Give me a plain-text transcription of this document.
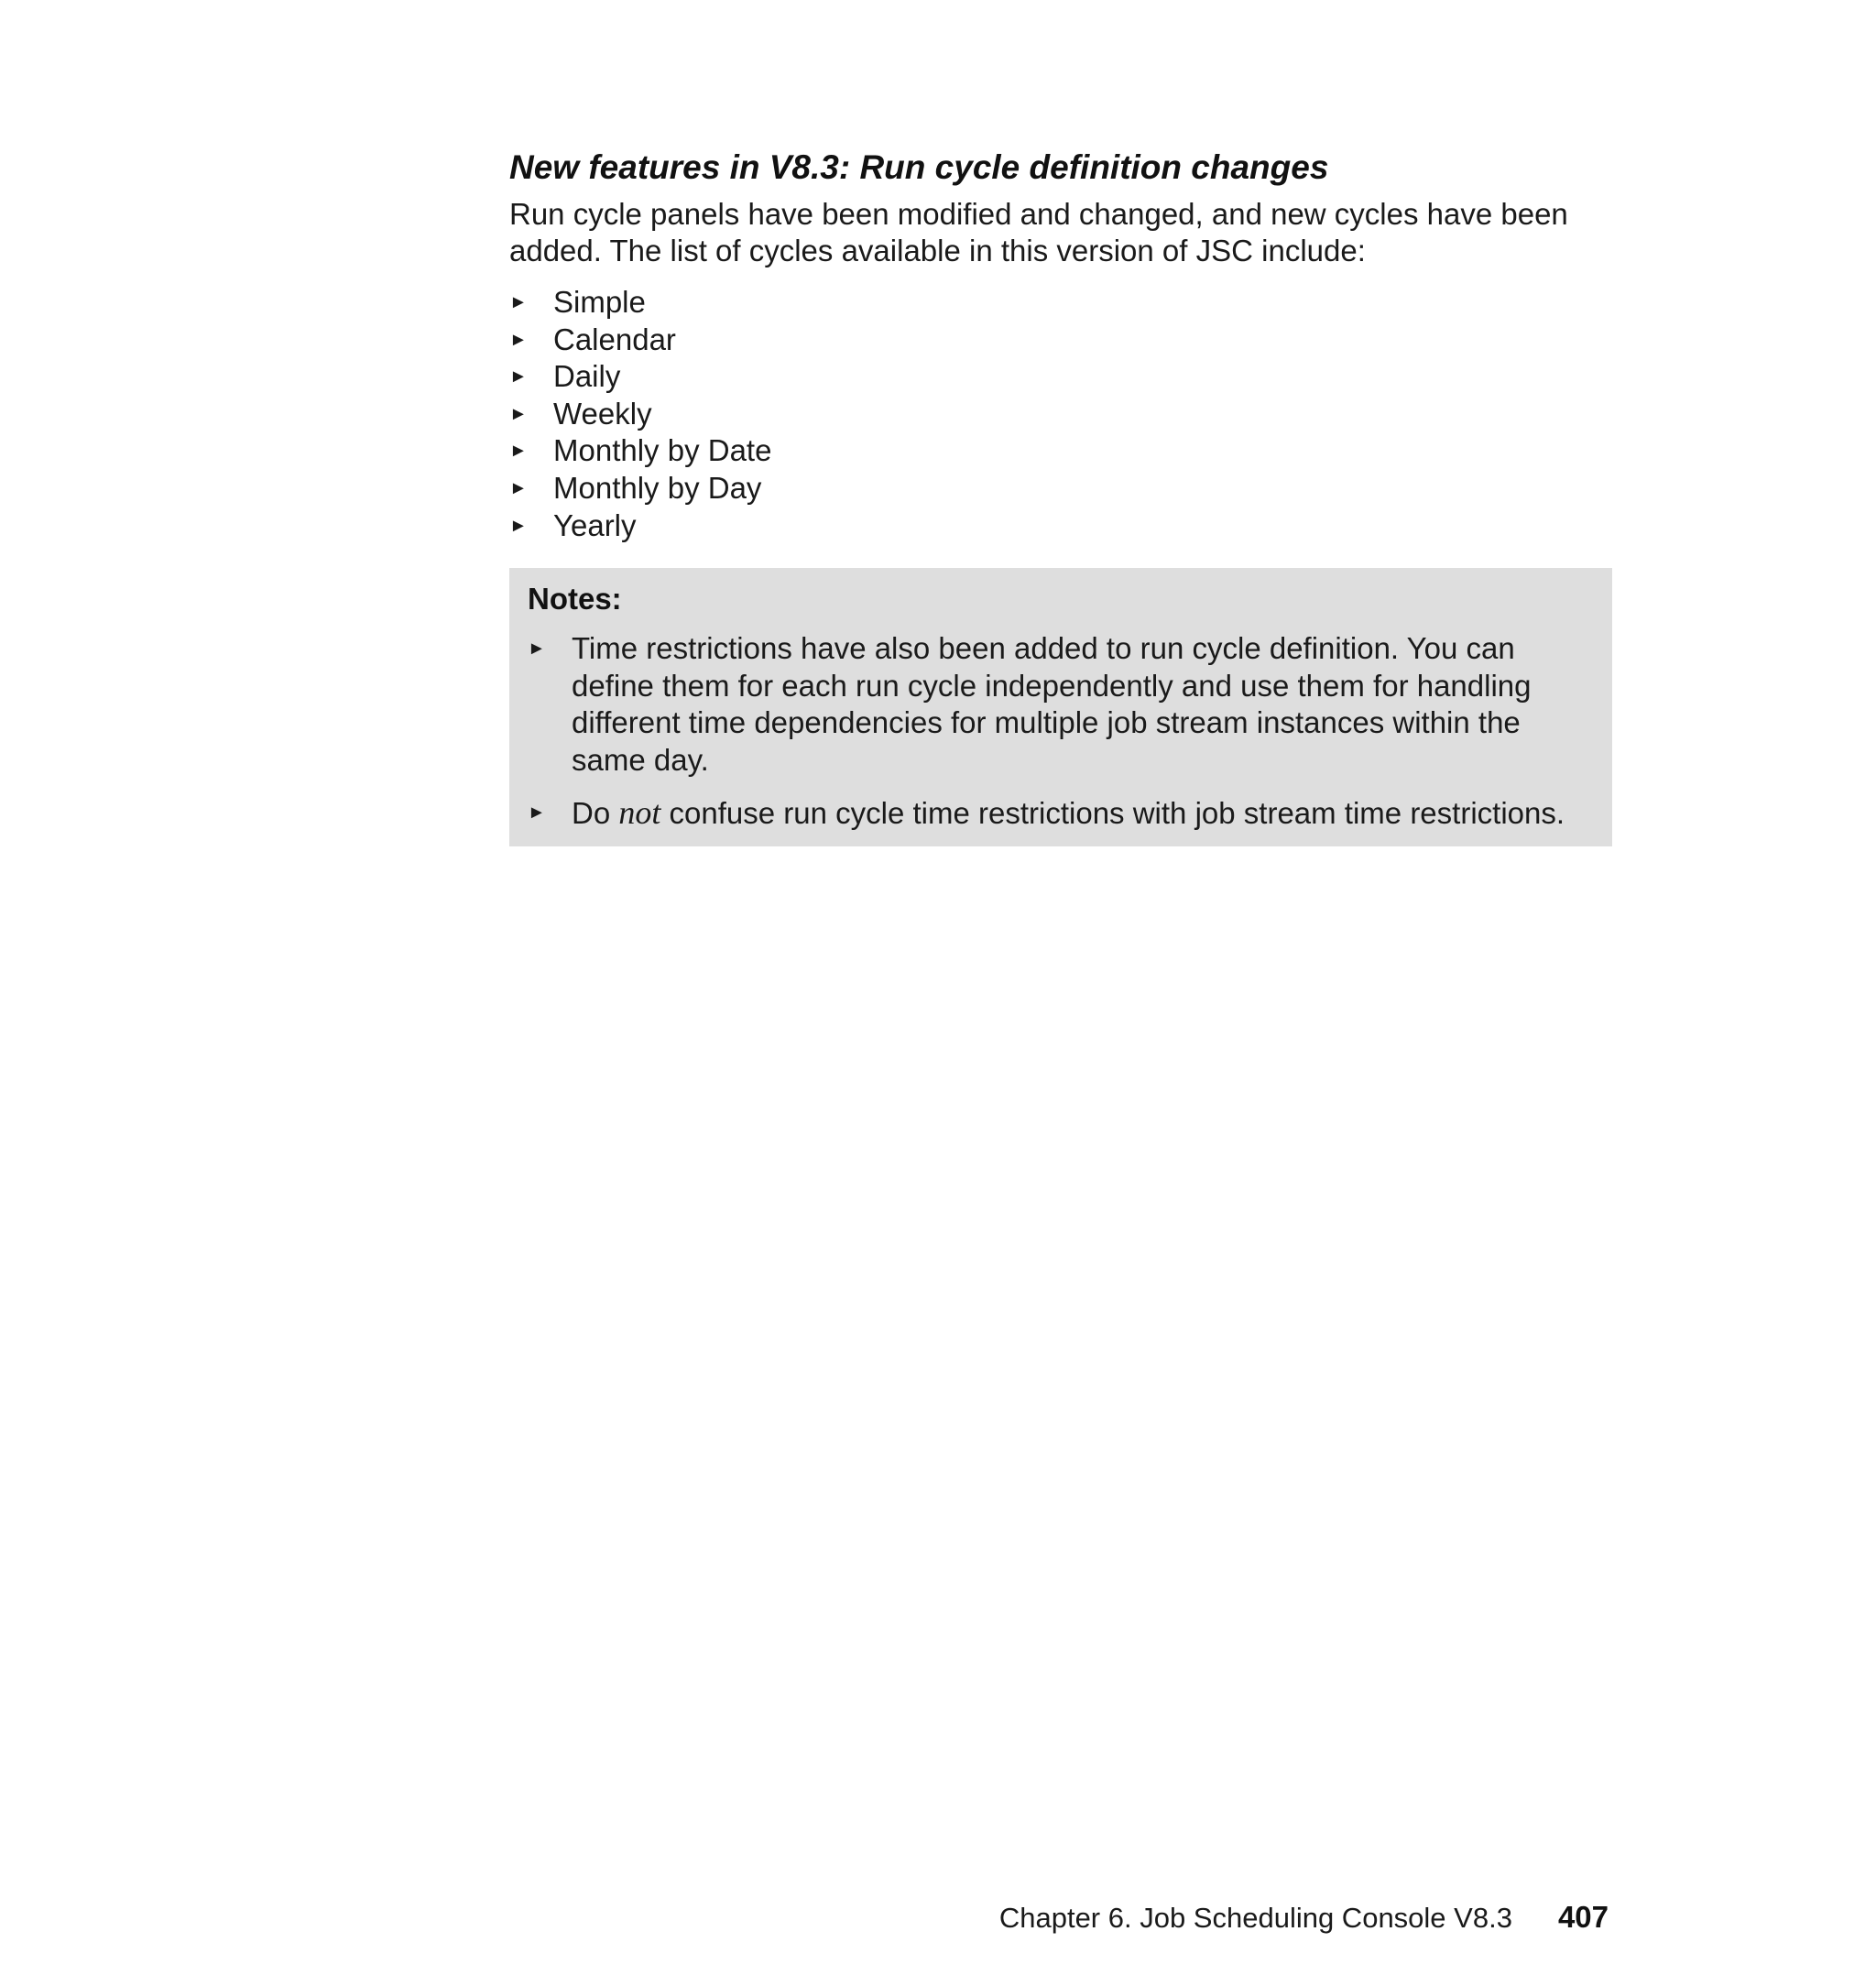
New features in V8.3: Run cycle definition changes

Run cycle panels have been modified and changed, and new cycles have been added. The list of cycles available in this version of JSC include:

► Simple
► Calendar
► Daily
► Weekly
► Monthly by Date
► Monthly by Day
► Yearly
Notes:
► Time restrictions have also been added to run cycle definition. You can define them for each run cycle independently and use them for handling different time dependencies for multiple job stream instances within the same day.
► Do not confuse run cycle time restrictions with job stream time restrictions.
Chapter 6. Job Scheduling Console V8.3 407
